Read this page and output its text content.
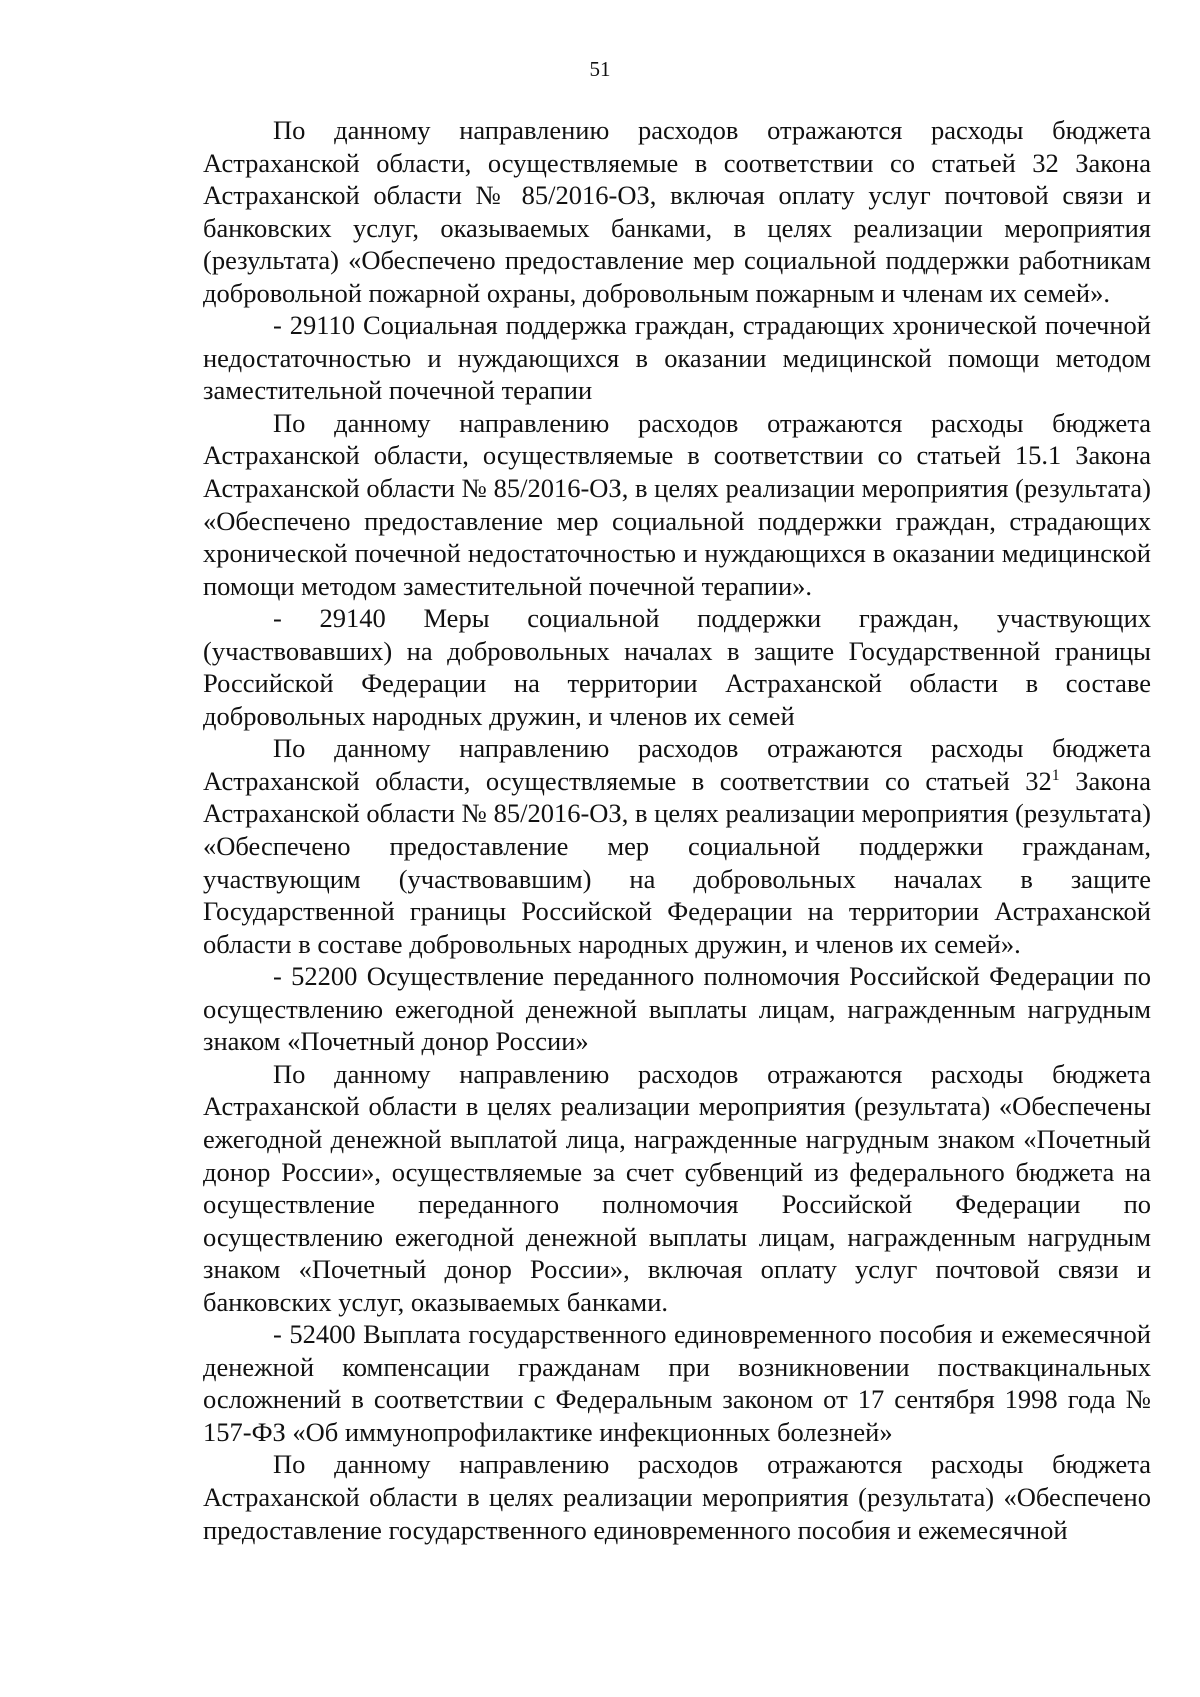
51

По данному направлению расходов отражаются расходы бюджета Астраханской области, осуществляемые в соответствии со статьей 32 Закона Астраханской области № 85/2016-ОЗ, включая оплату услуг почтовой связи и банковских услуг, оказываемых банками, в целях реализации мероприятия (результата) «Обеспечено предоставление мер социальной поддержки работникам добровольной пожарной охраны, добровольным пожарным и членам их семей».

- 29110 Социальная поддержка граждан, страдающих хронической почечной недостаточностью и нуждающихся в оказании медицинской помощи методом заместительной почечной терапии

По данному направлению расходов отражаются расходы бюджета Астраханской области, осуществляемые в соответствии со статьей 15.1 Закона Астраханской области № 85/2016-ОЗ, в целях реализации мероприятия (результата) «Обеспечено предоставление мер социальной поддержки граждан, страдающих хронической почечной недостаточностью и нуждающихся в оказании медицинской помощи методом заместительной почечной терапии».

- 29140 Меры социальной поддержки граждан, участвующих (участвовавших) на добровольных началах в защите Государственной границы Российской Федерации на территории Астраханской области в составе добровольных народных дружин, и членов их семей

По данному направлению расходов отражаются расходы бюджета Астраханской области, осуществляемые в соответствии со статьей $32^1$ Закона Астраханской области № 85/2016-ОЗ, в целях реализации мероприятия (результата) «Обеспечено предоставление мер социальной поддержки гражданам, участвующим (участвовавшим) на добровольных началах в защите Государственной границы Российской Федерации на территории Астраханской области в составе добровольных народных дружин, и членов их семей».

- 52200 Осуществление переданного полномочия Российской Федерации по осуществлению ежегодной денежной выплаты лицам, награжденным нагрудным знаком «Почетный донор России»

По данному направлению расходов отражаются расходы бюджета Астраханской области в целях реализации мероприятия (результата) «Обеспечены ежегодной денежной выплатой лица, награжденные нагрудным знаком «Почетный донор России», осуществляемые за счет субвенций из федерального бюджета на осуществление переданного полномочия Российской Федерации по осуществлению ежегодной денежной выплаты лицам, награжденным нагрудным знаком «Почетный донор России», включая оплату услуг почтовой связи и банковских услуг, оказываемых банками.

- 52400 Выплата государственного единовременного пособия и ежемесячной денежной компенсации гражданам при возникновении поствакцинальных осложнений в соответствии с Федеральным законом от 17 сентября 1998 года № 157-ФЗ «Об иммунопрофилактике инфекционных болезней»

По данному направлению расходов отражаются расходы бюджета Астраханской области в целях реализации мероприятия (результата) «Обеспечено предоставление государственного единовременного пособия и ежемесячной
